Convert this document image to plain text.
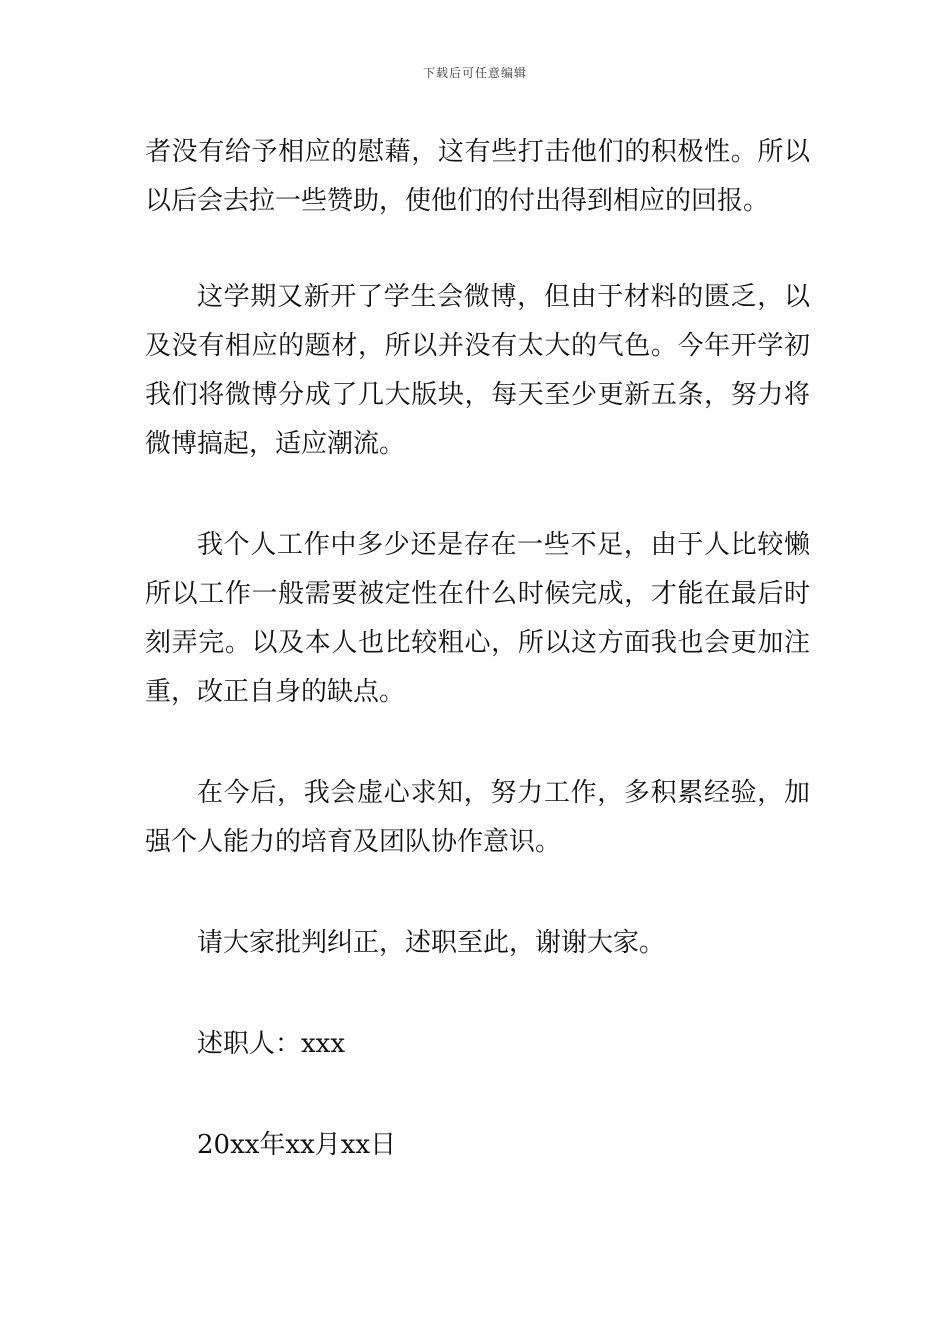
下载后可任意编辑

者没有给予相应的慰藉，这有些打击他们的积极性。所以以后会去拉一些赞助，使他们的付出得到相应的回报。

这学期又新开了学生会微博，但由于材料的匮乏，以及没有相应的题材，所以并没有太大的气色。今年开学初我们将微博分成了几大版块，每天至少更新五条，努力将微博搞起，适应潮流。

我个人工作中多少还是存在一些不足，由于人比较懒所以工作一般需要被定性在什么时候完成，才能在最后时刻弄完。以及本人也比较粗心，所以这方面我也会更加注重，改正自身的缺点。

在今后，我会虚心求知，努力工作，多积累经验，加强个人能力的培育及团队协作意识。

请大家批判纠正，述职至此，谢谢大家。

述职人：xxx

20xx年xx月xx日
